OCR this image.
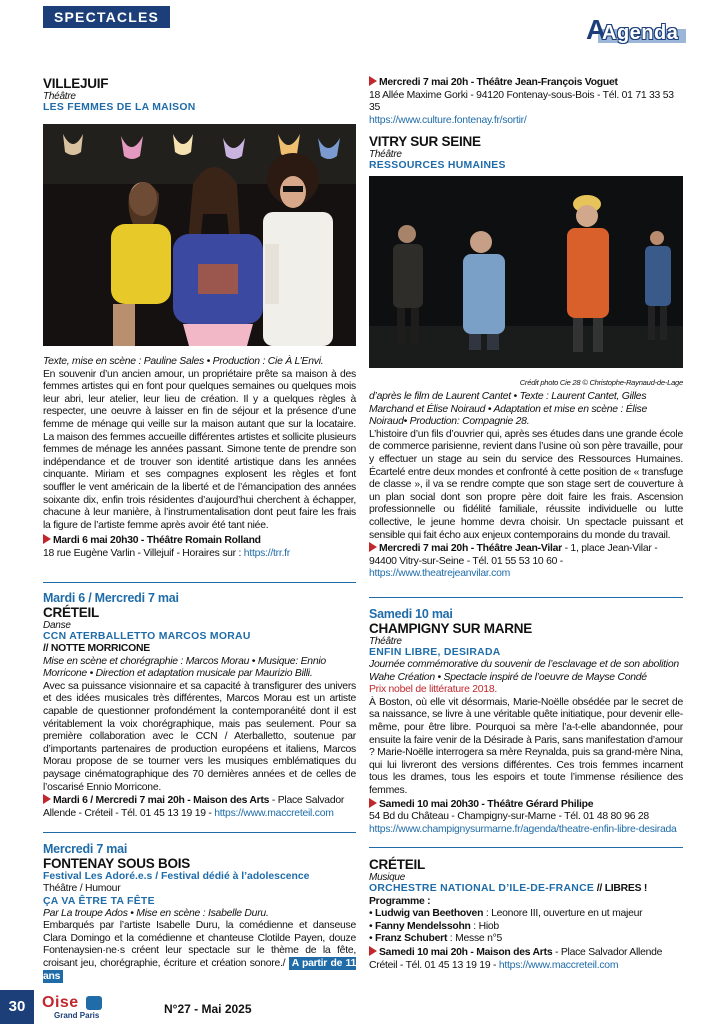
SPECTACLES	A
Agenda
VILLEJUIF
Théâtre
LES FEMMES DE LA MAISON
Texte, mise en scène : Pauline Sales • Production : Cie À L’Envi.

En souvenir d’un ancien amour, un propriétaire prête sa maison à des femmes artistes qui en font pour quelques semaines ou quelques mois leur abri, leur atelier, leur lieu de création. Il y a quelques règles à respecter, une oeuvre à laisser en fin de séjour et la présence d’une femme de ménage qui veille sur la maison autant que sur la locataire. La maison des femmes accueille différentes artistes et sollicite plusieurs femmes de ménage les années passant. Simone tente de prendre son indépendance et de trouver son identité artistique dans les années cinquante. Miriam et ses compagnes explosent les règles et font souffler le vent américain de la liberté et de l’émancipation des années soixante dix, enfin trois résidentes d’aujourd’hui cherchent à échapper, chacune à leur manière, à l’instrumentalisation dont peut faire les frais la figure de l’artiste femme après avoir été tant niée.

Mardi 6 mai 20h30 - Théâtre Romain Rolland
18 rue Eugène Varlin - Villejuif - Horaires sur : https://trr.fr
Mardi 6 / Mercredi 7 mai
CRÉTEIL
Danse
CCN ATERBALLETTO MARCOS MORAU
// NOTTE MORRICONE
Mise en scène et chorégraphie : Marcos Morau • Musique: Ennio Morricone • Direction et adaptation musicale par Maurizio Billi.

Avec sa puissance visionnaire et sa capacité à transfigurer des univers et des idées musicales très différentes, Marcos Morau est un artiste capable de questionner profondément la contemporanéité dont il est véritablement la voix chorégraphique, mais pas seulement. Pour sa première collaboration avec le CCN / Aterballetto, soutenue par d’importants partenaires de production européens et italiens, Marcos Morau propose de se tourner vers les musiques emblématiques du paysage cinématographique des 70 dernières années et de celles de l’oscarisé Ennio Morricone.

Mardi 6 / Mercredi 7 mai 20h - Maison des Arts - Place Salvador Allende - Créteil - Tél. 01 45 13 19 19 - https://www.maccreteil.com
Mercredi 7 mai
FONTENAY SOUS BOIS
Festival Les Adoré.e.s / Festival dédié à l’adolescence
Théâtre / Humour
ÇA VA ÊTRE TA FÊTE
Par La troupe Ados • Mise en scène : Isabelle Duru.

Embarqués par l’artiste Isabelle Duru, la comédienne et danseuse Clara Domingo et la comédienne et chanteuse Clotilde Payen, douze Fontenaysien·ne·s créent leur spectacle sur le thème de la fête, croisant jeu, chorégraphie, écriture et création sonore./ A partir de 11 ans

Mercredi 7 mai 20h - Théâtre Jean-François Voguet
18 Allée Maxime Gorki - 94120 Fontenay-sous-Bois - Tél. 01 71 33 53 35
https://www.culture.fontenay.fr/sortir/
VITRY SUR SEINE
Théâtre
RESSOURCES HUMAINES
Crédit photo Cie 28 © Christophe-Raynaud-de-Lage
d’après le film de Laurent Cantet • Texte : Laurent Cantet, Gilles Marchand et Élise Noiraud • Adaptation et mise en scène : Élise Noiraud• Production: Compagnie 28.

L’histoire d’un fils d’ouvrier qui, après ses études dans une grande école de commerce parisienne, revient dans l’usine où son père travaille, pour y effectuer un stage au sein du service des Ressources Humaines. Écartelé entre deux mondes et confronté à cette position de « transfuge de classe », il va se rendre compte que son stage sert de couverture à un plan social dont son propre père doit faire les frais. Ascension professionnelle ou fidélité familiale, réussite individuelle ou lutte collective, le jeune homme devra choisir. Un spectacle puissant et sensible qui fait écho aux enjeux contemporains du monde du travail.

Mercredi 7 mai 20h - Théâtre Jean-Vilar - 1, place Jean-Vilar - 94400 Vitry-sur-Seine - Tél. 01 55 53 10 60 - https://www.theatrejeanvilar.com
Samedi 10 mai
CHAMPIGNY SUR MARNE
Théâtre
ENFIN LIBRE, DESIRADA
Journée commémorative du souvenir de l’esclavage et de son abolition Wahe Création • Spectacle inspiré de l’oeuvre de Mayse Condé
Prix nobel de littérature 2018.

À Boston, où elle vit désormais, Marie-Noëlle obsédée par le secret de sa naissance, se livre à une véritable quête initiatique, pour devenir elle-même, pour être libre. Pourquoi sa mère l’a-t-elle abandonnée, pour ensuite la faire venir de la Désirade à Paris, sans manifestation d’amour ? Marie-Noëlle interrogera sa mère Reynalda, puis sa grand-mère Nina, qui lui livreront des versions différentes. Ces trois femmes incarnent tous les drames, tous les espoirs et toute l’immense résilience des femmes.

Samedi 10 mai 20h30 - Théâtre Gérard Philipe
54 Bd du Château - Champigny-sur-Marne - Tél. 01 48 80 96 28
https://www.champignysurmarne.fr/agenda/theatre-enfin-libre-desirada
CRÉTEIL
Musique
ORCHESTRE NATIONAL D’ILE-DE-FRANCE // LIBRES !
Programme :
• Ludwig van Beethoven : Leonore III, ouverture en ut majeur
• Fanny Mendelssohn : Hiob
• Franz Schubert : Messe n°5
Samedi 10 mai 20h - Maison des Arts - Place Salvador Allende Créteil - Tél. 01 45 13 19 19 - https://www.maccreteil.com
30	Oise
Grand Paris	N°27 - Mai 2025
